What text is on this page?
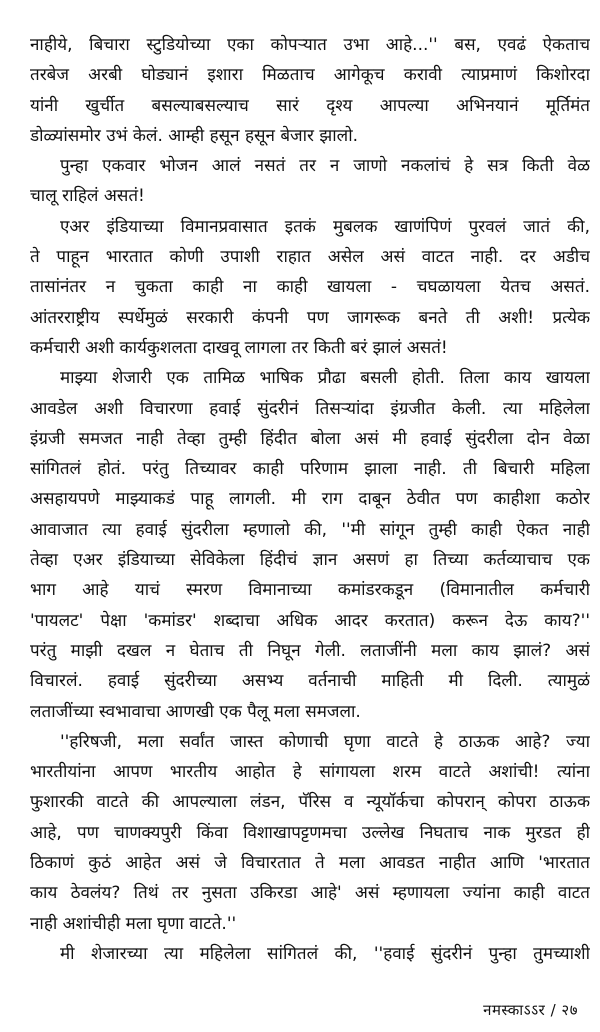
नाहीये, बिचारा स्टुडियोच्या एका कोपऱ्यात उभा आहे...'' बस, एवढं ऐकताच
तरबेज अरबी घोड्यानं इशारा मिळताच आगेकूच करावी त्याप्रमाणं किशोरदा
यांनी खुर्चीत बसल्याबसल्याच सारं दृश्य आपल्या अभिनयानं मूर्तिमंत
डोळ्यांसमोर उभं केलं. आम्ही हसून हसून बेजार झालो.
पुन्हा एकवार भोजन आलं नसतं तर न जाणो नकलांचं हे सत्र किती वेळ
चालू राहिलं असतं!
एअर इंडियाच्या विमानप्रवासात इतकं मुबलक खाणंपिणं पुरवलं जातं की,
ते पाहून भारतात कोणी उपाशी राहात असेल असं वाटत नाही. दर अडीच
तासांनंतर न चुकता काही ना काही खायला - चघळायला येतच असतं.
आंतरराष्ट्रीय स्पर्धेमुळं सरकारी कंपनी पण जागरूक बनते ती अशी! प्रत्येक
कर्मचारी अशी कार्यकुशलता दाखवू लागला तर किती बरं झालं असतं!
माझ्या शेजारी एक तामिळ भाषिक प्रौढा बसली होती. तिला काय खायला
आवडेल अशी विचारणा हवाई सुंदरीनं तिसऱ्यांदा इंग्रजीत केली. त्या महिलेला
इंग्रजी समजत नाही तेव्हा तुम्ही हिंदीत बोला असं मी हवाई सुंदरीला दोन वेळा
सांगितलं होतं. परंतु तिच्यावर काही परिणाम झाला नाही. ती बिचारी महिला
असहायपणे माझ्याकडं पाहू लागली. मी राग दाबून ठेवीत पण काहीशा कठोर
आवाजात त्या हवाई सुंदरीला म्हणालो की, ''मी सांगून तुम्ही काही ऐकत नाही
तेव्हा एअर इंडियाच्या सेविकेला हिंदीचं ज्ञान असणं हा तिच्या कर्तव्याचाच एक
भाग आहे याचं स्मरण विमानाच्या कमांडरकडून (विमानातील कर्मचारी
'पायलट' पेक्षा 'कमांडर' शब्दाचा अधिक आदर करतात) करून देऊ काय?''
परंतु माझी दखल न घेताच ती निघून गेली. लताजींनी मला काय झालं? असं
विचारलं. हवाई सुंदरीच्या असभ्य वर्तनाची माहिती मी दिली. त्यामुळं
लताजींच्या स्वभावाचा आणखी एक पैलू मला समजला.
''हरिषजी, मला सर्वांत जास्त कोणाची घृणा वाटते हे ठाऊक आहे? ज्या
भारतीयांना आपण भारतीय आहोत हे सांगायला शरम वाटते अशांची! त्यांना
फुशारकी वाटते की आपल्याला लंडन, पॅरिस व न्यूयॉर्कचा कोपरान् कोपरा ठाऊक
आहे, पण चाणक्यपुरी किंवा विशाखापट्टणमचा उल्लेख निघताच नाक मुरडत ही
ठिकाणं कुठं आहेत असं जे विचारतात ते मला आवडत नाहीत आणि 'भारतात
काय ठेवलंय? तिथं तर नुसता उकिरडा आहे' असं म्हणायला ज्यांना काही वाटत
नाही अशांचीही मला घृणा वाटते.''
मी शेजारच्या त्या महिलेला सांगितलं की, ''हवाई सुंदरीनं पुन्हा तुमच्याशी
नमस्काऽऽर / २७
